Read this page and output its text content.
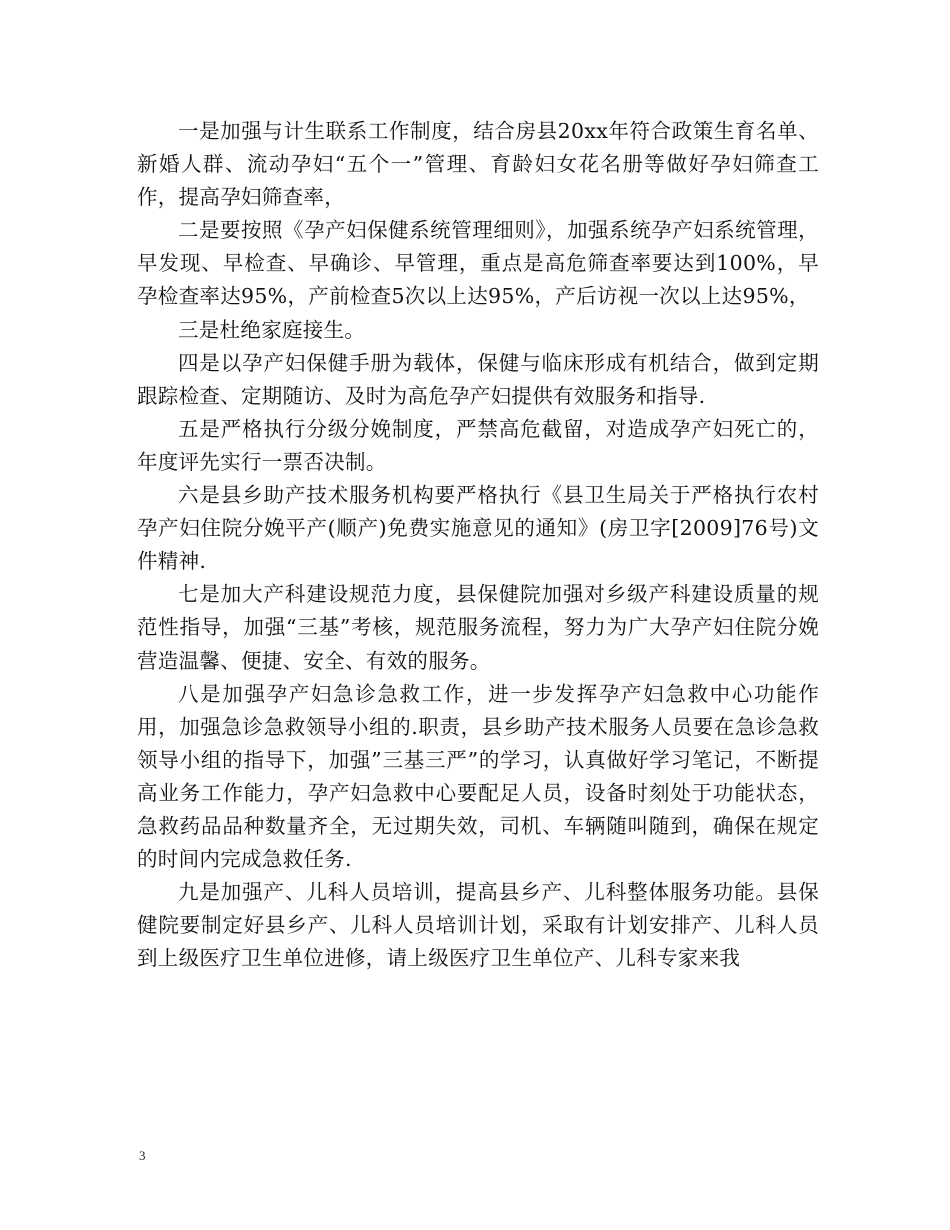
一是加强与计生联系工作制度，结合房县20xx年符合政策生育名单、新婚人群、流动孕妇“五个一”管理、育龄妇女花名册等做好孕妇筛查工作，提高孕妇筛查率，

二是要按照《孕产妇保健系统管理细则》，加强系统孕产妇系统管理，早发现、早检查、早确诊、早管理，重点是高危筛查率要达到100%，早孕检查率达95%，产前检查5次以上达95%，产后访视一次以上达95%，

三是杜绝家庭接生。

四是以孕产妇保健手册为载体，保健与临床形成有机结合，做到定期跟踪检查、定期随访、及时为高危孕产妇提供有效服务和指导.

五是严格执行分级分娩制度，严禁高危截留，对造成孕产妇死亡的，年度评先实行一票否决制。

六是县乡助产技术服务机构要严格执行《县卫生局关于严格执行农村孕产妇住院分娩平产(顺产)免费实施意见的通知》(房卫字[2009]76号)文件精神.

七是加大产科建设规范力度，县保健院加强对乡级产科建设质量的规范性指导，加强“三基”考核，规范服务流程，努力为广大孕产妇住院分娩营造温馨、便捷、安全、有效的服务。

八是加强孕产妇急诊急救工作，进一步发挥孕产妇急救中心功能作用，加强急诊急救领导小组的.职责，县乡助产技术服务人员要在急诊急救领导小组的指导下，加强”三基三严”的学习，认真做好学习笔记，不断提高业务工作能力，孕产妇急救中心要配足人员，设备时刻处于功能状态，急救药品品种数量齐全，无过期失效，司机、车辆随叫随到，确保在规定的时间内完成急救任务.

九是加强产、儿科人员培训，提高县乡产、儿科整体服务功能。县保健院要制定好县乡产、儿科人员培训计划，采取有计划安排产、儿科人员到上级医疗卫生单位进修，请上级医疗卫生单位产、儿科专家来我

3
